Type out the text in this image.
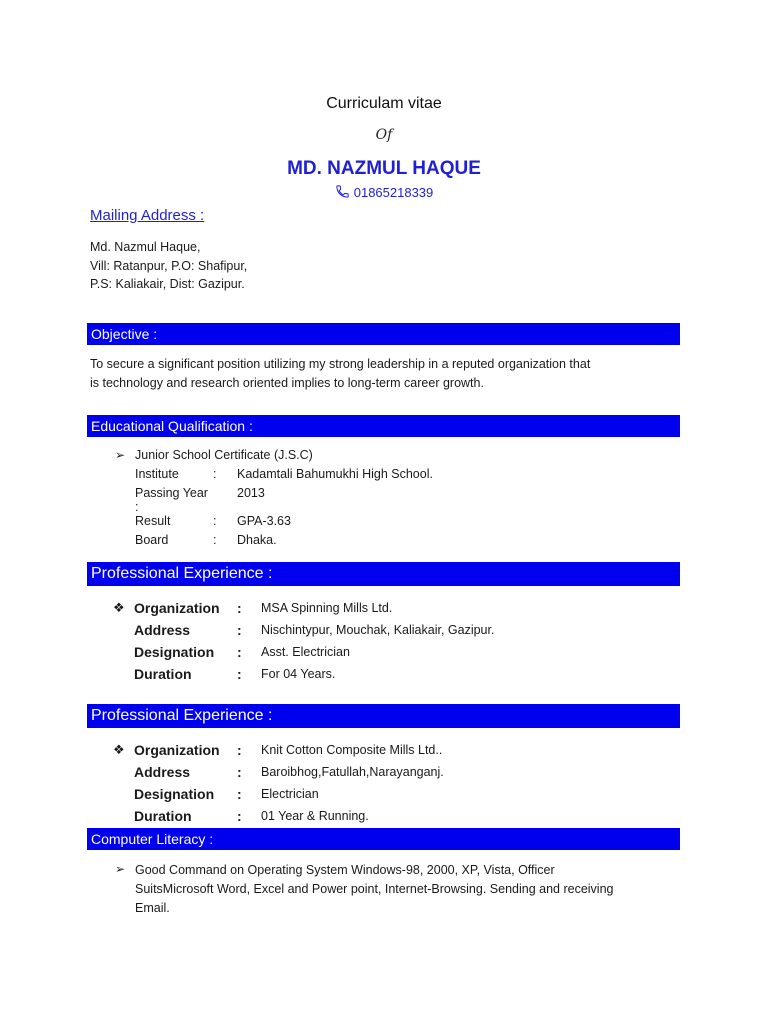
Curriculam vitae
Of
MD. NAZMUL HAQUE
01865218339
Mailing Address :
Md. Nazmul Haque,
Vill: Ratanpur, P.O: Shafipur,
P.S: Kaliakair, Dist: Gazipur.
Objective :
To secure a significant position utilizing my strong leadership in a reputed organization that
is technology and research oriented implies to long-term career growth.
Educational Qualification :
➢ Junior School Certificate (J.S.C)
Institute	:	Kadamtali Bahumukhi High School.
Passing Year :		2013
Result	:	GPA-3.63
Board	:	Dhaka.
Professional Experience :
❖	Organization	:	MSA Spinning Mills Ltd.
	Address	:	Nischintypur, Mouchak, Kaliakair, Gazipur.
	Designation	:	Asst. Electrician
	Duration	:	For 04 Years.
Professional Experience :
❖	Organization	:	Knit Cotton Composite Mills Ltd..
	Address	:	Baroibhog,Fatullah,Narayanganj.
	Designation	:	Electrician
	Duration	:	01 Year & Running.
Computer Literacy :
➢ Good Command on Operating System Windows-98, 2000, XP, Vista, Officer
SuitsMicrosoft Word, Excel and Power point, Internet-Browsing. Sending and receiving
Email.
